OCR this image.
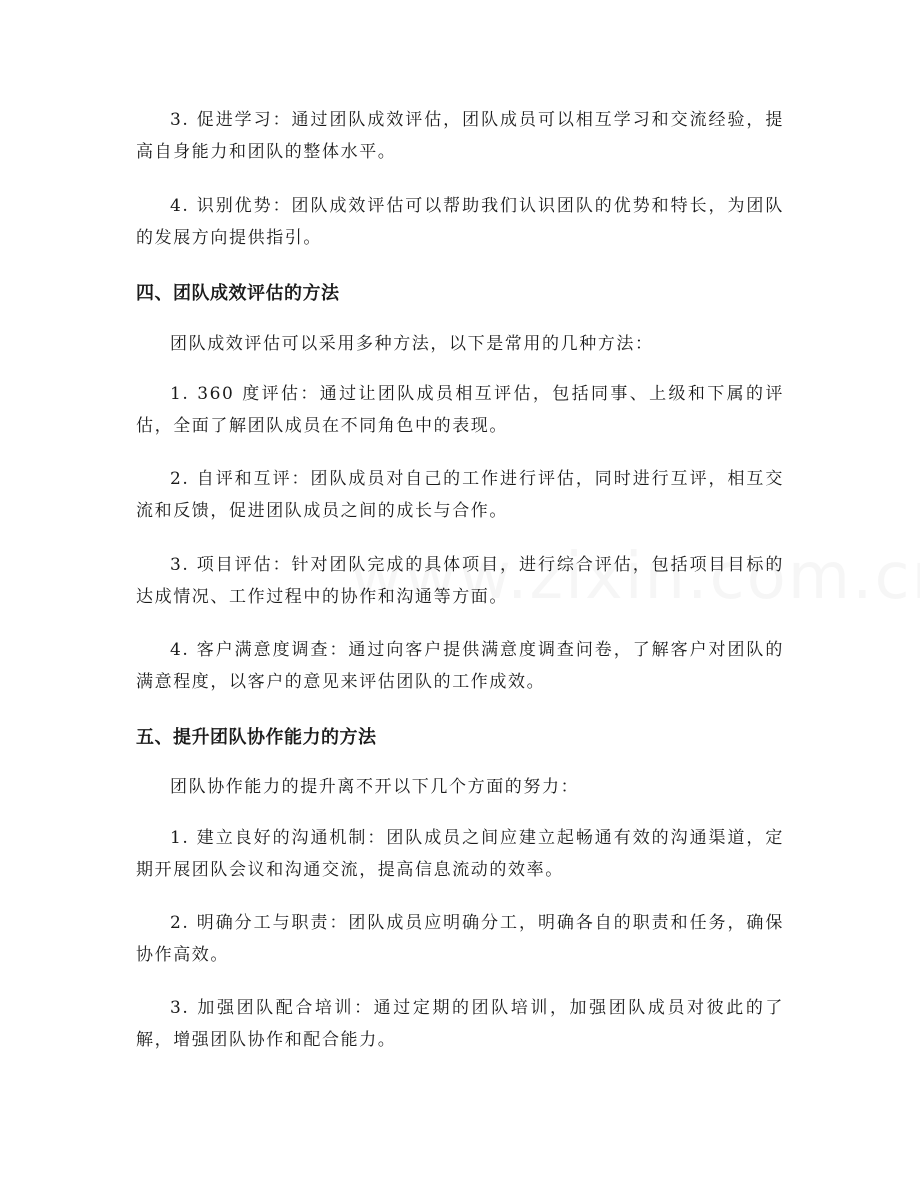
3. 促进学习：通过团队成效评估，团队成员可以相互学习和交流经验，提高自身能力和团队的整体水平。

4. 识别优势：团队成效评估可以帮助我们认识团队的优势和特长，为团队的发展方向提供指引。

四、团队成效评估的方法

团队成效评估可以采用多种方法，以下是常用的几种方法：

1. 360 度评估：通过让团队成员相互评估，包括同事、上级和下属的评估，全面了解团队成员在不同角色中的表现。

2. 自评和互评：团队成员对自己的工作进行评估，同时进行互评，相互交流和反馈，促进团队成员之间的成长与合作。

3. 项目评估：针对团队完成的具体项目，进行综合评估，包括项目目标的达成情况、工作过程中的协作和沟通等方面。

4. 客户满意度调查：通过向客户提供满意度调查问卷，了解客户对团队的满意程度，以客户的意见来评估团队的工作成效。

五、提升团队协作能力的方法

团队协作能力的提升离不开以下几个方面的努力：

1. 建立良好的沟通机制：团队成员之间应建立起畅通有效的沟通渠道，定期开展团队会议和沟通交流，提高信息流动的效率。

2. 明确分工与职责：团队成员应明确分工，明确各自的职责和任务，确保协作高效。

3. 加强团队配合培训：通过定期的团队培训，加强团队成员对彼此的了解，增强团队协作和配合能力。
